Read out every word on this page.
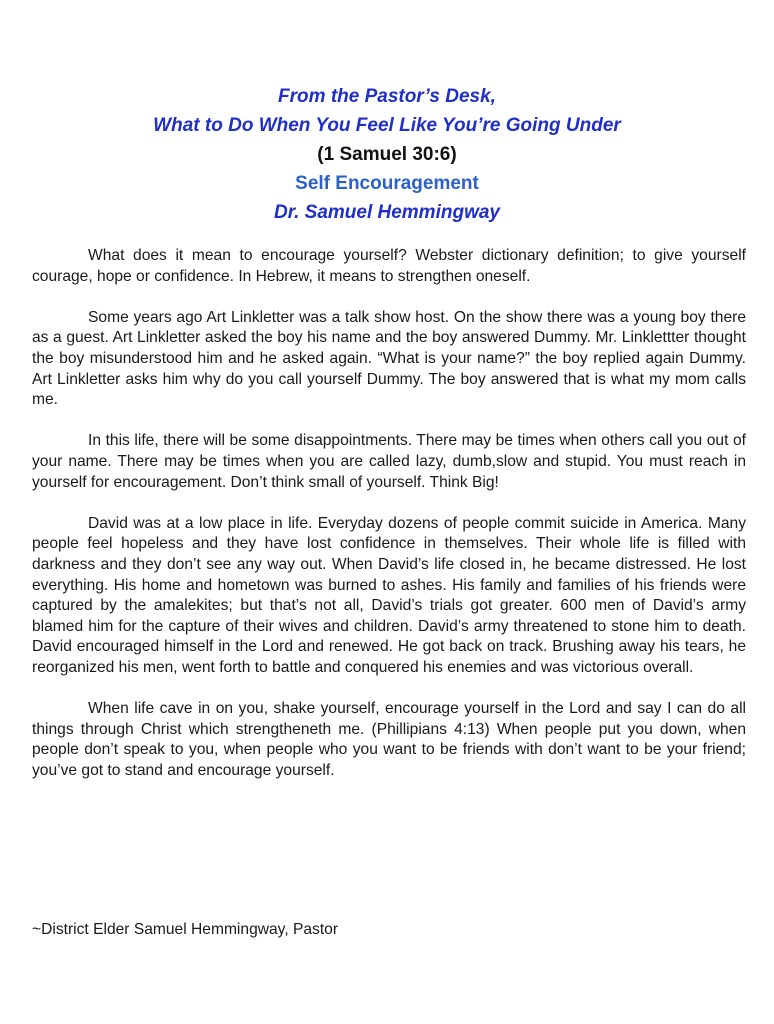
From the Pastor’s Desk,
What to Do When You Feel Like You’re Going Under
(1 Samuel 30:6)
Self Encouragement
Dr. Samuel Hemmingway

What does it mean to encourage yourself? Webster dictionary definition; to give yourself courage, hope or confidence. In Hebrew, it means to strengthen oneself.

Some years ago Art Linkletter was a talk show host. On the show there was a young boy there as a guest. Art Linkletter asked the boy his name and the boy answered Dummy. Mr. Linklettter thought the boy misunderstood him and he asked again. “What is your name?” the boy replied again Dummy. Art Linkletter asks him why do you call yourself Dummy. The boy answered that is what my mom calls me.

In this life, there will be some disappointments. There may be times when others call you out of your name. There may be times when you are called lazy, dumb,slow and stupid. You must reach in yourself for encouragement. Don’t think small of yourself. Think Big!

David was at a low place in life. Everyday dozens of people commit suicide in America. Many people feel hopeless and they have lost confidence in themselves. Their whole life is filled with darkness and they don’t see any way out. When David’s life closed in, he became distressed. He lost everything. His home and hometown was burned to ashes. His family and families of his friends were captured by the amalekites; but that’s not all, David’s trials got greater. 600 men of David’s army blamed him for the capture of their wives and children. David’s army threatened to stone him to death. David encouraged himself in the Lord and renewed. He got back on track. Brushing away his tears, he reorganized his men, went forth to battle and conquered his enemies and was victorious overall.

When life cave in on you, shake yourself, encourage yourself in the Lord and say I can do all things through Christ which strengtheneth me. (Phillipians 4:13) When people put you down, when people don’t speak to you, when people who you want to be friends with don’t want to be your friend; you’ve got to stand and encourage yourself.

~District Elder Samuel Hemmingway, Pastor
